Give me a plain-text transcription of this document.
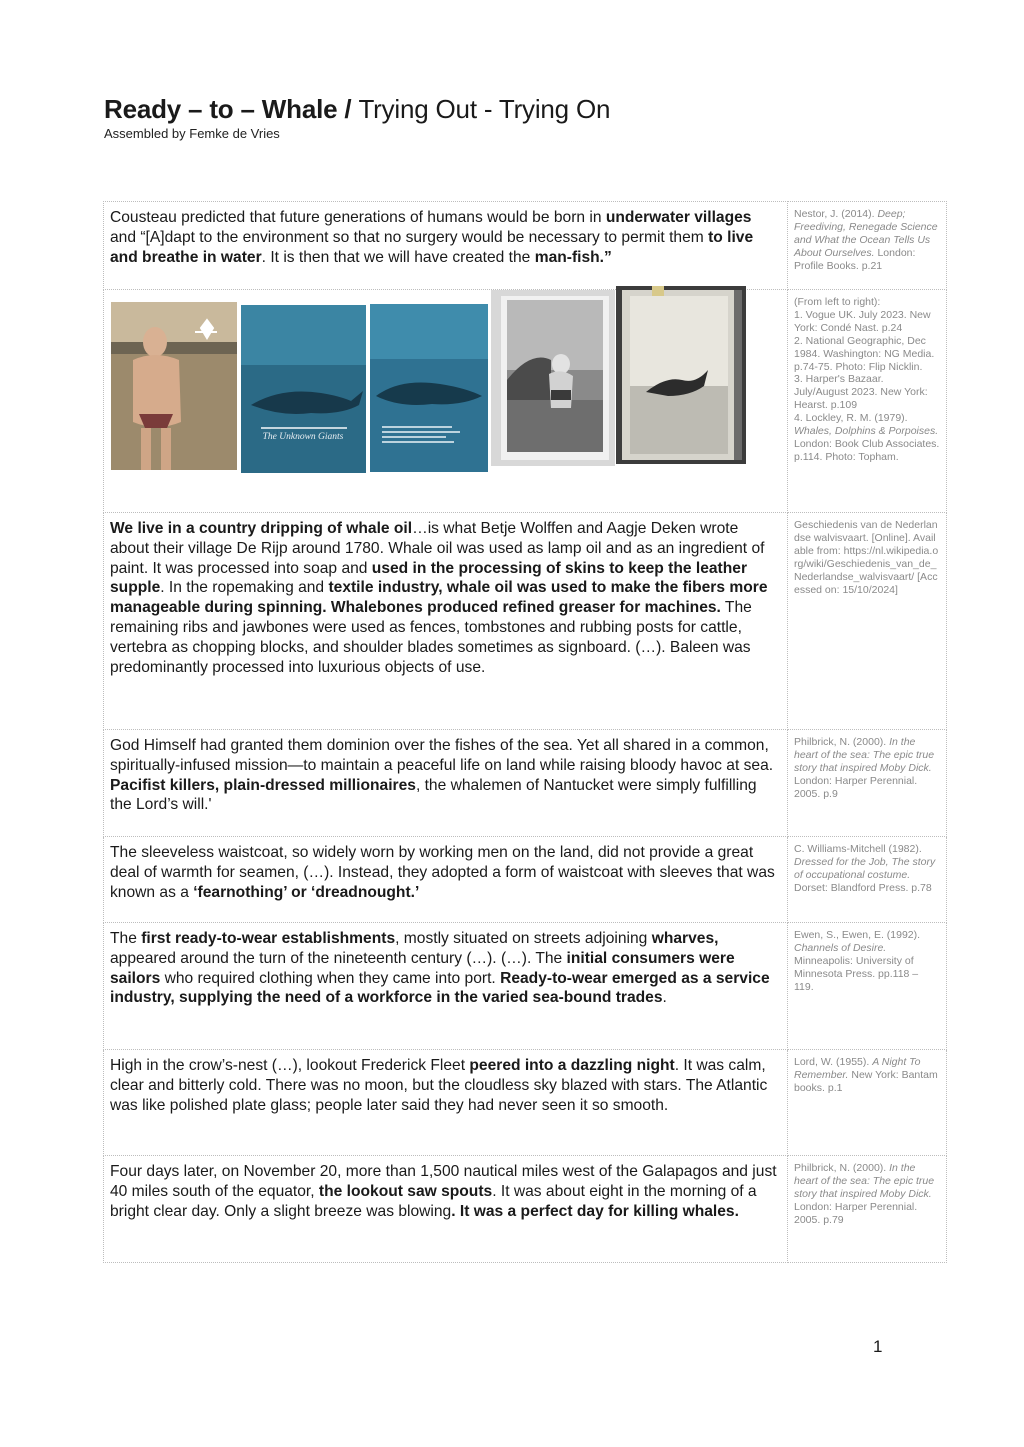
Ready – to – Whale / Trying Out - Trying On

Assembled by Femke de Vries

Cousteau predicted that future generations of humans would be born in underwater villages and “[A]dapt to the environment so that no surgery would be necessary to permit them to live and breathe in water. It is then that we will have created the man-fish.”	Nestor, J. (2014). Deep; Freediving, Renegade Science and What the Ocean Tells Us About Ourselves. London: Profile Books. p.21

The Unknown Giants	(From left to right):
1. Vogue UK. July 2023. New York: Condé Nast. p.24
2. National Geographic, Dec 1984. Washington: NG Media. p.74-75. Photo: Flip Nicklin.
3. Harper's Bazaar. July/August 2023. New York: Hearst. p.109
4. Lockley, R. M. (1979). Whales, Dolphins & Porpoises. London: Book Club Associates. p.114. Photo: Topham.

We live in a country dripping of whale oil…is what Betje Wolffen and Aagje Deken wrote about their village De Rijp around 1780. Whale oil was used as lamp oil and as an ingredient of paint. It was processed into soap and used in the processing of skins to keep the leather supple. In the ropemaking and textile industry, whale oil was used to make the fibers more manageable during spinning. Whalebones produced refined greaser for machines. The remaining ribs and jawbones were used as fences, tombstones and rubbing posts for cattle, vertebra as chopping blocks, and shoulder blades sometimes as signboard. (…). Baleen was predominantly processed into luxurious objects of use.	Geschiedenis van de Nederlandse walvisvaart. [Online]. Available from: https://nl.wikipedia.org/wiki/Geschiedenis_van_de_Nederlandse_walvisvaart/ [Accessed on: 15/10/2024]

God Himself had granted them dominion over the fishes of the sea. Yet all shared in a common, spiritually-infused mission—to maintain a peaceful life on land while raising bloody havoc at sea. Pacifist killers, plain-dressed millionaires, the whalemen of Nantucket were simply fulfilling the Lord’s will.'	Philbrick, N. (2000). In the heart of the sea: The epic true story that inspired Moby Dick. London: Harper Perennial. 2005. p.9

The sleeveless waistcoat, so widely worn by working men on the land, did not provide a great deal of warmth for seamen, (…). Instead, they adopted a form of waistcoat with sleeves that was known as a ‘fearnothing’ or ‘dreadnought.’	C. Williams-Mitchell (1982). Dressed for the Job, The story of occupational costume. Dorset: Blandford Press. p.78

The first ready-to-wear establishments, mostly situated on streets adjoining wharves, appeared around the turn of the nineteenth century (…). (…). The initial consumers were sailors who required clothing when they came into port. Ready-to-wear emerged as a service industry, supplying the need of a workforce in the varied sea-bound trades.	Ewen, S., Ewen, E. (1992). Channels of Desire. Minneapolis: University of Minnesota Press. pp.118 – 119.

High in the crow’s-nest (…), lookout Frederick Fleet peered into a dazzling night. It was calm, clear and bitterly cold. There was no moon, but the cloudless sky blazed with stars. The Atlantic was like polished plate glass; people later said they had never seen it so smooth.	Lord, W. (1955). A Night To Remember. New York: Bantam books. p.1

Four days later, on November 20, more than 1,500 nautical miles west of the Galapagos and just 40 miles south of the equator, the lookout saw spouts. It was about eight in the morning of a bright clear day. Only a slight breeze was blowing. It was a perfect day for killing whales.	Philbrick, N. (2000). In the heart of the sea: The epic true story that inspired Moby Dick. London: Harper Perennial. 2005. p.79
1
